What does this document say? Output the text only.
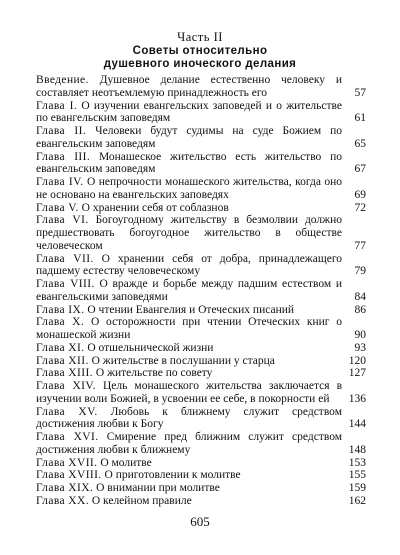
Часть II
Советы относительно
душевного иноческого делания
Введение. Душевное делание естественно человеку и составляет неотъемлемую принадлежность его	57
Глава I. О изучении евангельских заповедей и о жительстве по евангельским заповедям	61
Глава II. Человеки будут судимы на суде Божием по евангельским заповедям	65
Глава III. Монашеское жительство есть жительство по евангельским заповедям	67
Глава IV. О непрочности монашеского жительства, когда оно не основано на евангельских заповедях	69
Глава V. О хранении себя от соблазнов	72
Глава VI. Богоугодному жительству в безмолвии должно предшествовать богоугодное жительство в обществе человеческом	77
Глава VII. О хранении себя от добра, принадлежащего падшему естеству человеческому	79
Глава VIII. О вражде и борьбе между падшим естеством и евангельскими заповедями	84
Глава IX. О чтении Евангелия и Отеческих писаний	86
Глава X. О осторожности при чтении Отеческих книг о монашеской жизни	90
Глава XI. О отшельнической жизни	93
Глава XII. О жительстве в послушании у старца	120
Глава XIII. О жительстве по совету	127
Глава XIV. Цель монашеского жительства заключается в изучении воли Божией, в усвоении ее себе, в покорности ей	136
Глава XV. Любовь к ближнему служит средством достижения любви к Богу	144
Глава XVI. Смирение пред ближним служит средством достижения любви к ближнему	148
Глава XVII. О молитве	153
Глава XVIII. О приготовлении к молитве	155
Глава XIX. О внимании при молитве	159
Глава XX. О келейном правиле	162
605
